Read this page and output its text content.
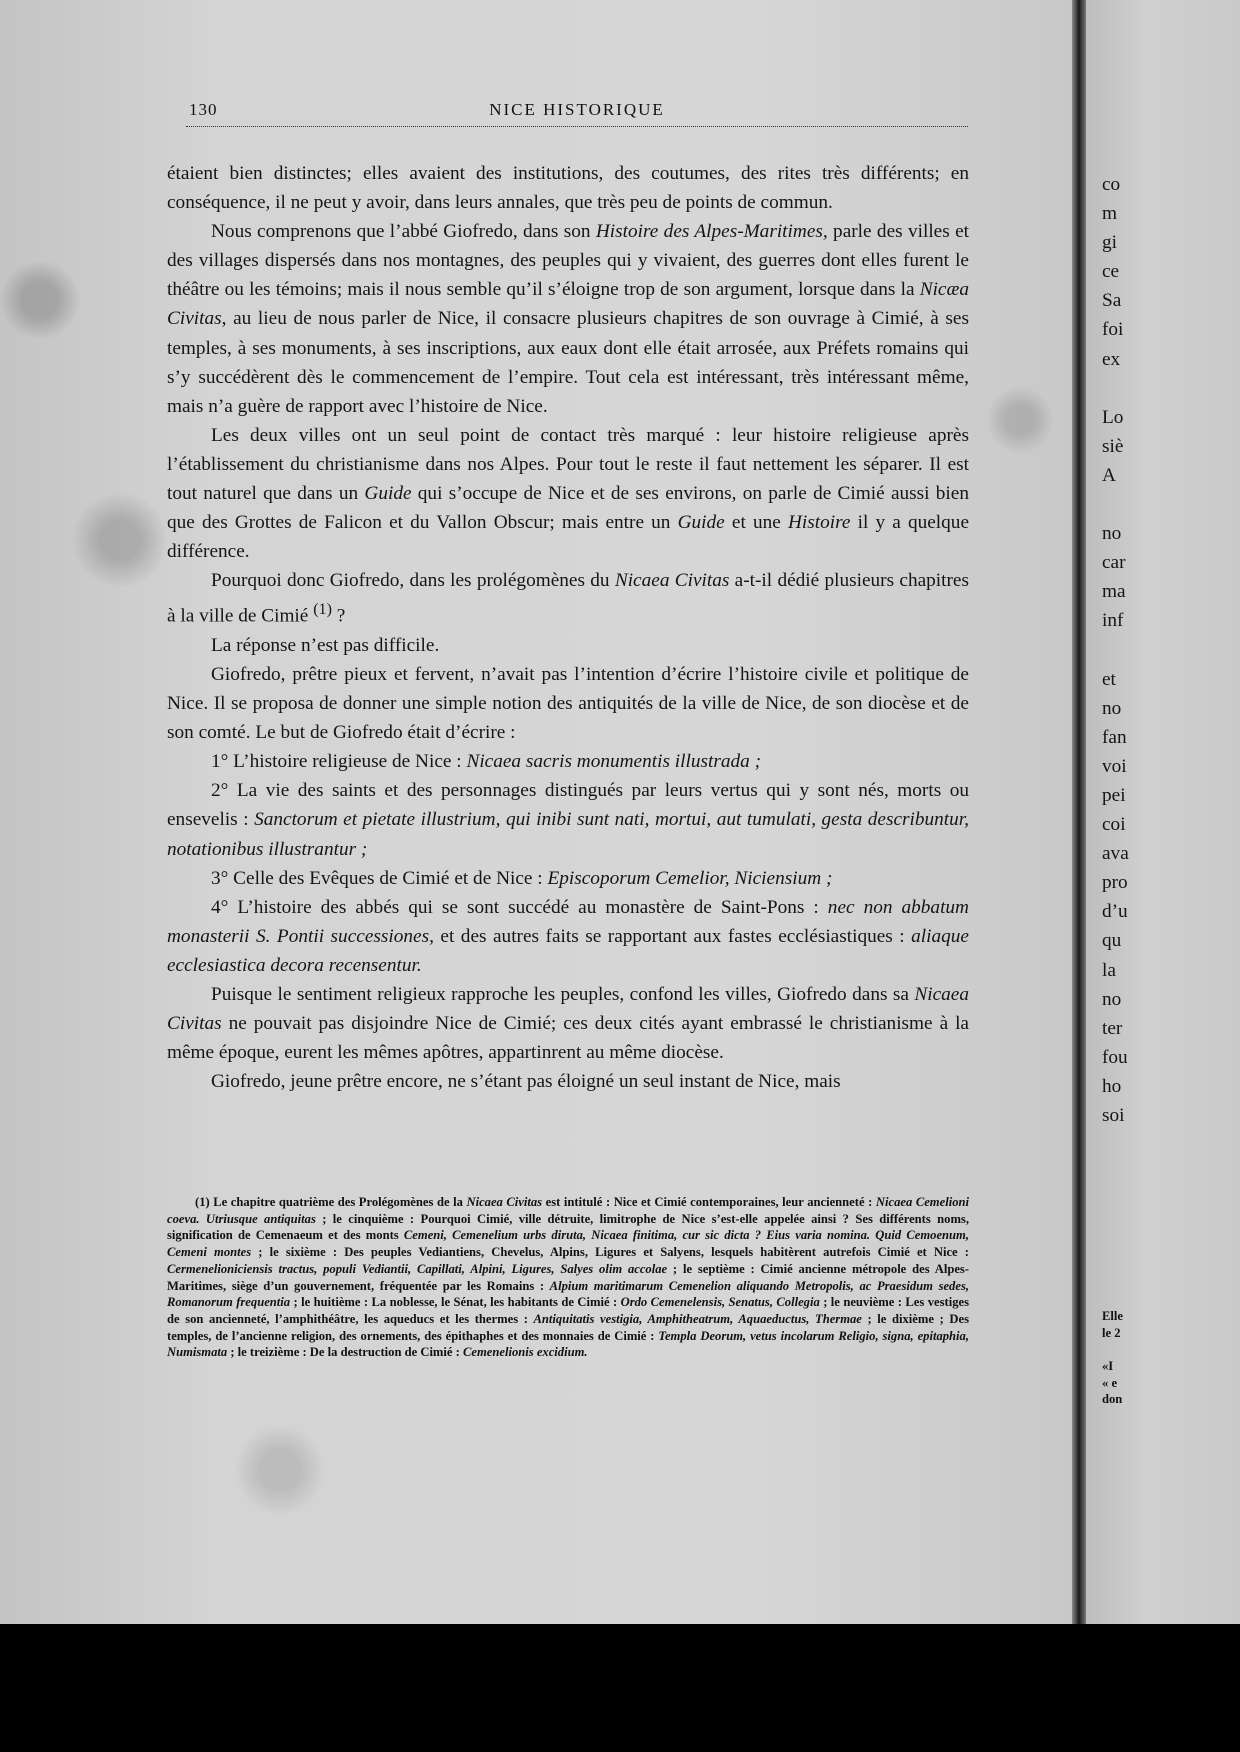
130	NICE HISTORIQUE

étaient bien distinctes; elles avaient des institutions, des coutumes, des rites très différents; en conséquence, il ne peut y avoir, dans leurs annales, que très peu de points de commun.

Nous comprenons que l’abbé Giofredo, dans son Histoire des Alpes-Maritimes, parle des villes et des villages dispersés dans nos montagnes, des peuples qui y vivaient, des guerres dont elles furent le théâtre ou les témoins; mais il nous semble qu’il s’éloigne trop de son argument, lorsque dans la Nicæa Civitas, au lieu de nous parler de Nice, il consacre plusieurs chapitres de son ouvrage à Cimié, à ses temples, à ses monuments, à ses inscriptions, aux eaux dont elle était arrosée, aux Préfets romains qui s’y succédèrent dès le commencement de l’empire. Tout cela est intéressant, très intéressant même, mais n’a guère de rapport avec l’histoire de Nice.

Les deux villes ont un seul point de contact très marqué : leur histoire religieuse après l’établissement du christianisme dans nos Alpes. Pour tout le reste il faut nettement les séparer. Il est tout naturel que dans un Guide qui s’occupe de Nice et de ses environs, on parle de Cimié aussi bien que des Grottes de Falicon et du Vallon Obscur; mais entre un Guide et une Histoire il y a quelque différence.

Pourquoi donc Giofredo, dans les prolégomènes du Nicaea Civitas a-t-il dédié plusieurs chapitres à la ville de Cimié $^{(1)}$ ?

La réponse n’est pas difficile.

Giofredo, prêtre pieux et fervent, n’avait pas l’intention d’écrire l’histoire civile et politique de Nice. Il se proposa de donner une simple notion des antiquités de la ville de Nice, de son diocèse et de son comté. Le but de Giofredo était d’écrire :

1° L’histoire religieuse de Nice : Nicaea sacris monumentis illustrada ;

2° La vie des saints et des personnages distingués par leurs vertus qui y sont nés, morts ou ensevelis : Sanctorum et pietate illustrium, qui inibi sunt nati, mortui, aut tumulati, gesta describuntur, notationibus illustrantur ;

3° Celle des Evêques de Cimié et de Nice : Episcoporum Cemelior, Niciensium ;

4° L’histoire des abbés qui se sont succédé au monastère de Saint-Pons : nec non abbatum monasterii S. Pontii successiones, et des autres faits se rapportant aux fastes ecclésiastiques : aliaque ecclesiastica decora recensentur.

Puisque le sentiment religieux rapproche les peuples, confond les villes, Giofredo dans sa Nicaea Civitas ne pouvait pas disjoindre Nice de Cimié; ces deux cités ayant embrassé le christianisme à la même époque, eurent les mêmes apôtres, appartinrent au même diocèse.

Giofredo, jeune prêtre encore, ne s’étant pas éloigné un seul instant de Nice, mais

(1) Le chapitre quatrième des Prolégomènes de la Nicaea Civitas est intitulé : Nice et Cimié contemporaines, leur ancienneté : Nicaea Cemelioni coeva. Utriusque antiquitas ; le cinquième : Pourquoi Cimié, ville détruite, limitrophe de Nice s’est-elle appelée ainsi ? Ses différents noms, signification de Cemenaeum et des monts Cemeni, Cemenelium urbs diruta, Nicaea finitima, cur sic dicta ? Eius varia nomina. Quid Cemoenum, Cemeni montes ; le sixième : Des peuples Vediantiens, Chevelus, Alpins, Ligures et Salyens, lesquels habitèrent autrefois Cimié et Nice : Cermenelioniciensis tractus, populi Vediantii, Capillati, Alpini, Ligures, Salyes olim accolae ; le septième : Cimié ancienne métropole des Alpes-Maritimes, siège d’un gouvernement, fréquentée par les Romains : Alpium maritimarum Cemenelion aliquando Metropolis, ac Praesidum sedes, Romanorum frequentia ; le huitième : La noblesse, le Sénat, les habitants de Cimié : Ordo Cemenelensis, Senatus, Collegia ; le neuvième : Les vestiges de son ancienneté, l’amphithéâtre, les aqueducs et les thermes : Antiquitatis vestigia, Amphitheatrum, Aquaeductus, Thermae ; le dixième ; Des temples, de l’ancienne religion, des ornements, des épithaphes et des monnaies de Cimié : Templa Deorum, vetus incolarum Religio, signa, epitaphia, Numismata ; le treizième : De la destruction de Cimié : Cemenelionis excidium.

co
m
gi
ce
Sa
foi
ex
Lo
siè
A
no
car
ma
inf
et
no
fan
voi
pei
coi
ava
pro
d’u
qu
la
no
ter
fou
ho
soi
Elle
le 2
«I
« e
don
